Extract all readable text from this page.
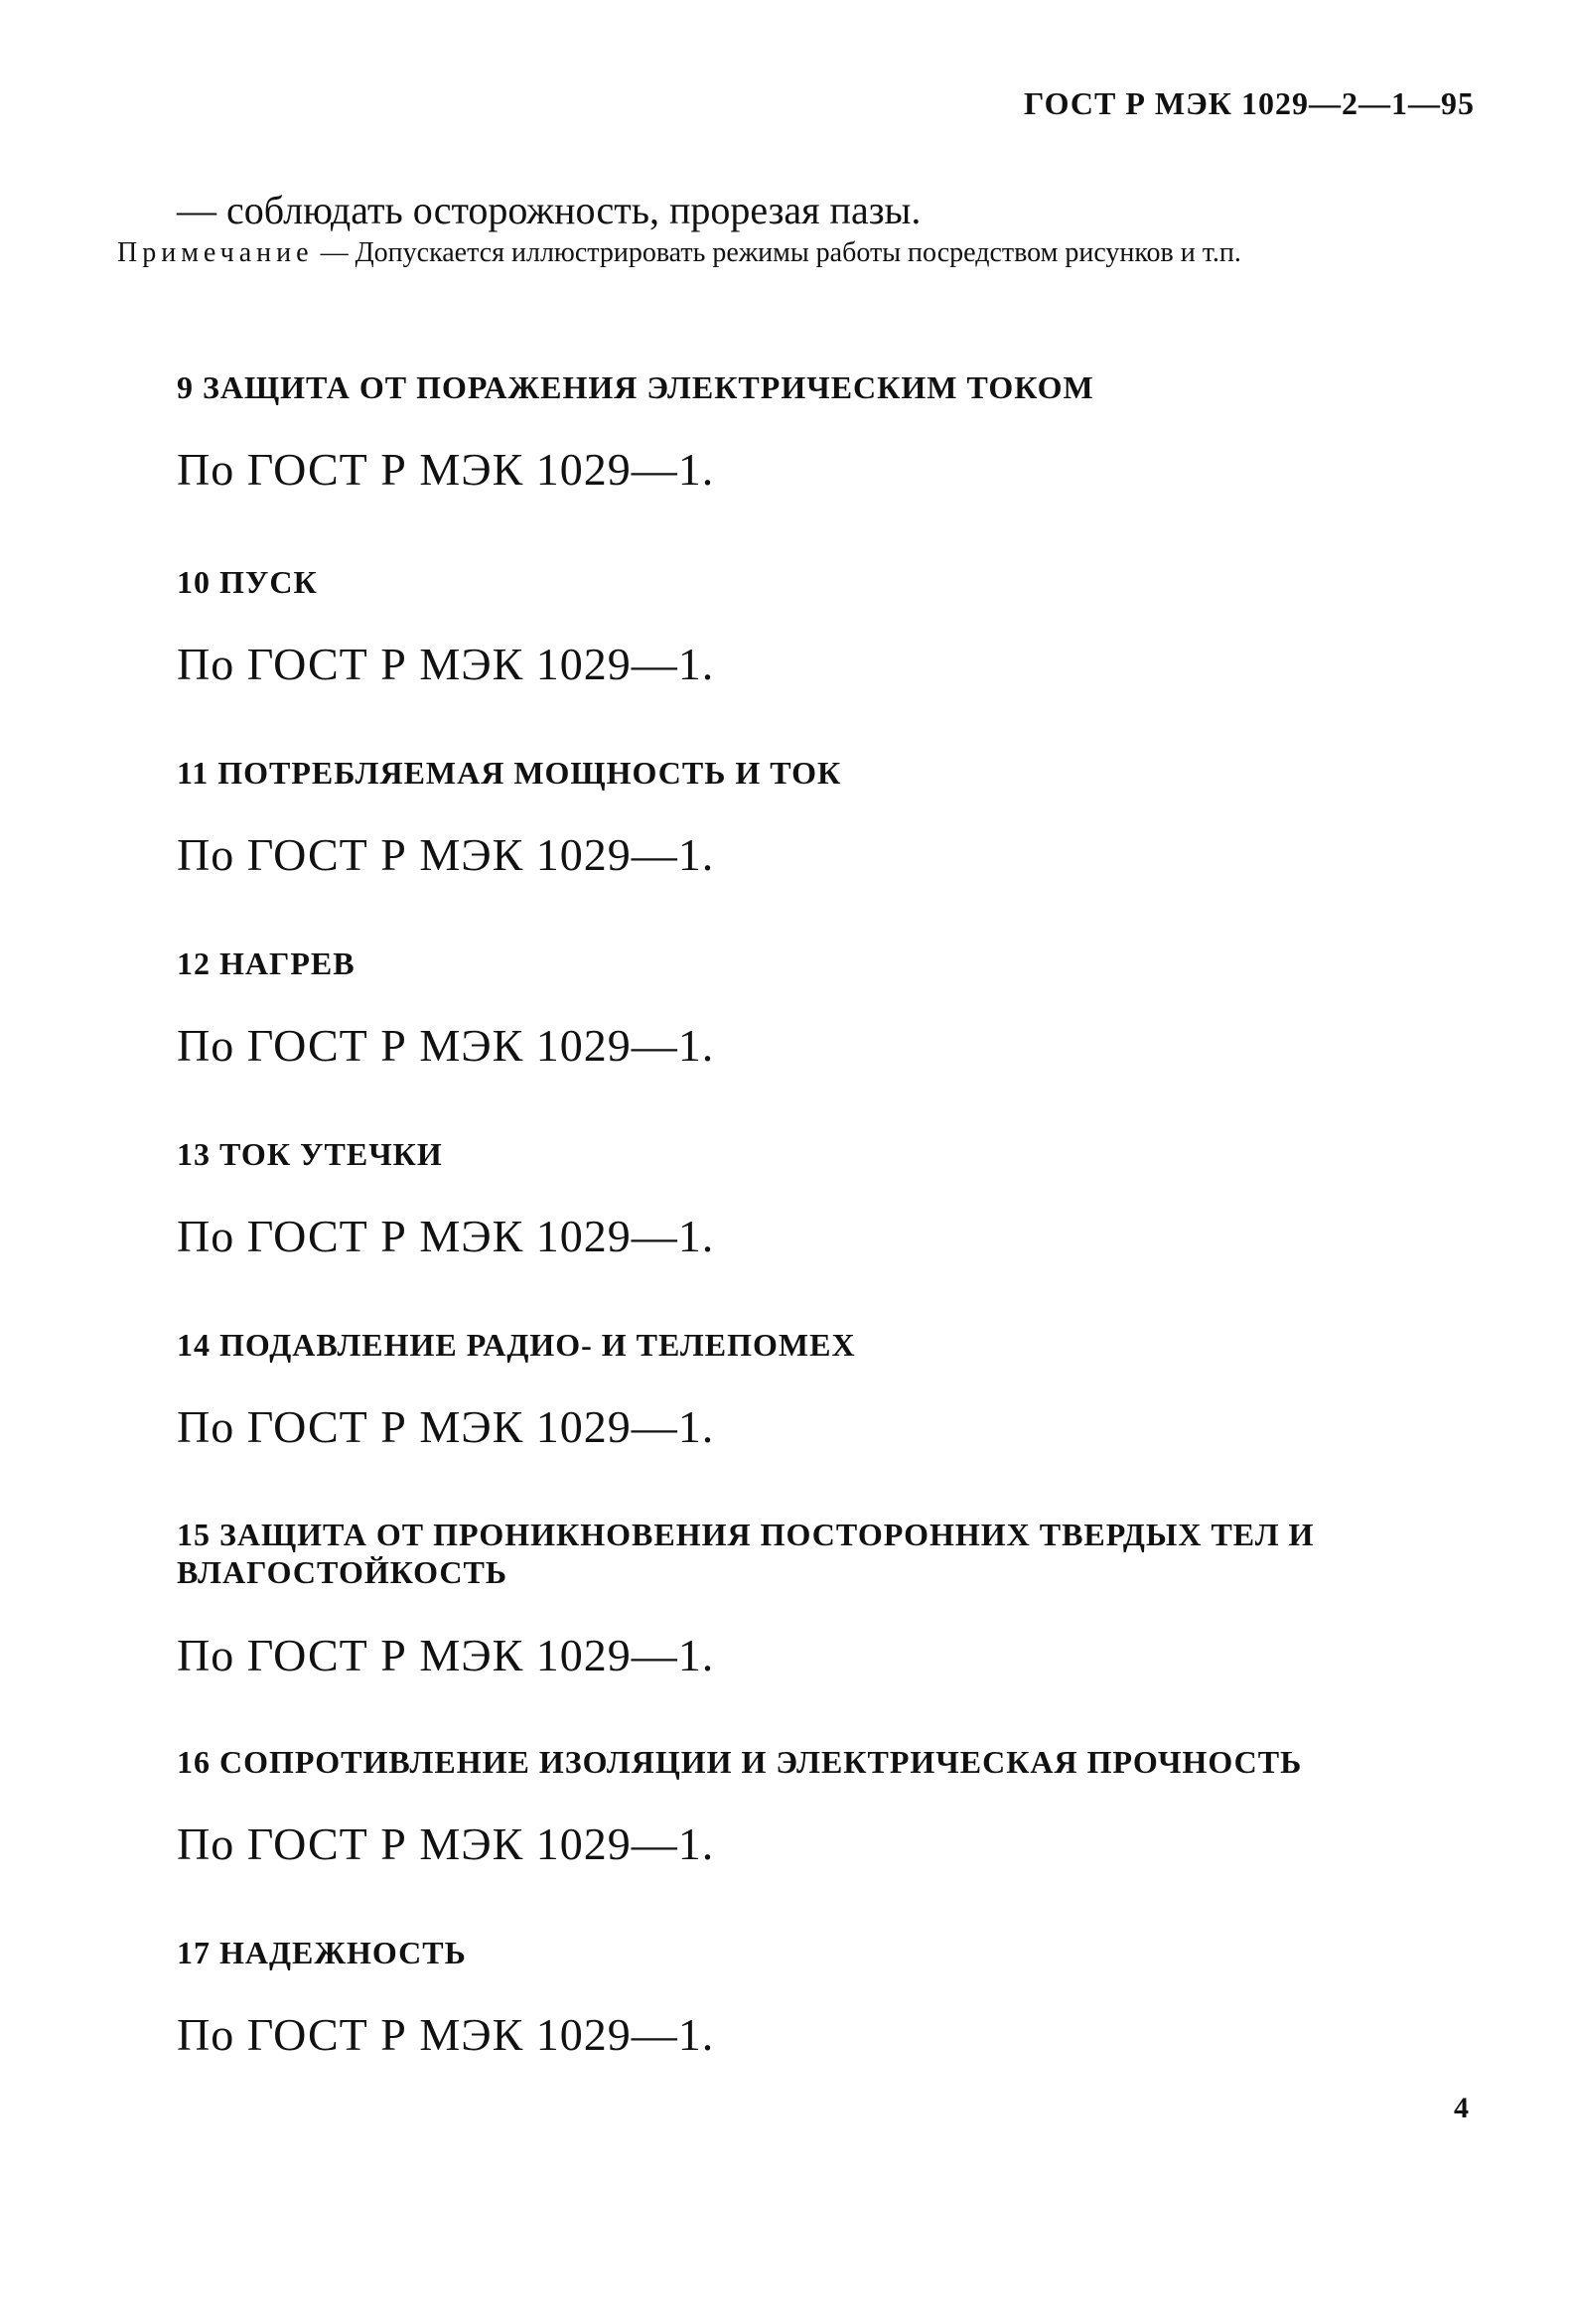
ГОСТ Р МЭК 1029—2—1—95
— соблюдать осторожность, прорезая пазы.
Примечание — Допускается иллюстрировать режимы работы посредством рисунков и т.п.
9 ЗАЩИТА ОТ ПОРАЖЕНИЯ ЭЛЕКТРИЧЕСКИМ ТОКОМ
По ГОСТ Р МЭК 1029—1.
10 ПУСК
По ГОСТ Р МЭК 1029—1.
11 ПОТРЕБЛЯЕМАЯ МОЩНОСТЬ И ТОК
По ГОСТ Р МЭК 1029—1.
12 НАГРЕВ
По ГОСТ Р МЭК 1029—1.
13 ТОК УТЕЧКИ
По ГОСТ Р МЭК 1029—1.
14 ПОДАВЛЕНИЕ РАДИО- И ТЕЛЕПОМЕХ
По ГОСТ Р МЭК 1029—1.
15 ЗАЩИТА ОТ ПРОНИКНОВЕНИЯ ПОСТОРОННИХ ТВЕРДЫХ ТЕЛ И ВЛАГОСТОЙКОСТЬ
По ГОСТ Р МЭК 1029—1.
16 СОПРОТИВЛЕНИЕ ИЗОЛЯЦИИ И ЭЛЕКТРИЧЕСКАЯ ПРОЧНОСТЬ
По ГОСТ Р МЭК 1029—1.
17 НАДЕЖНОСТЬ
По ГОСТ Р МЭК 1029—1.
4
